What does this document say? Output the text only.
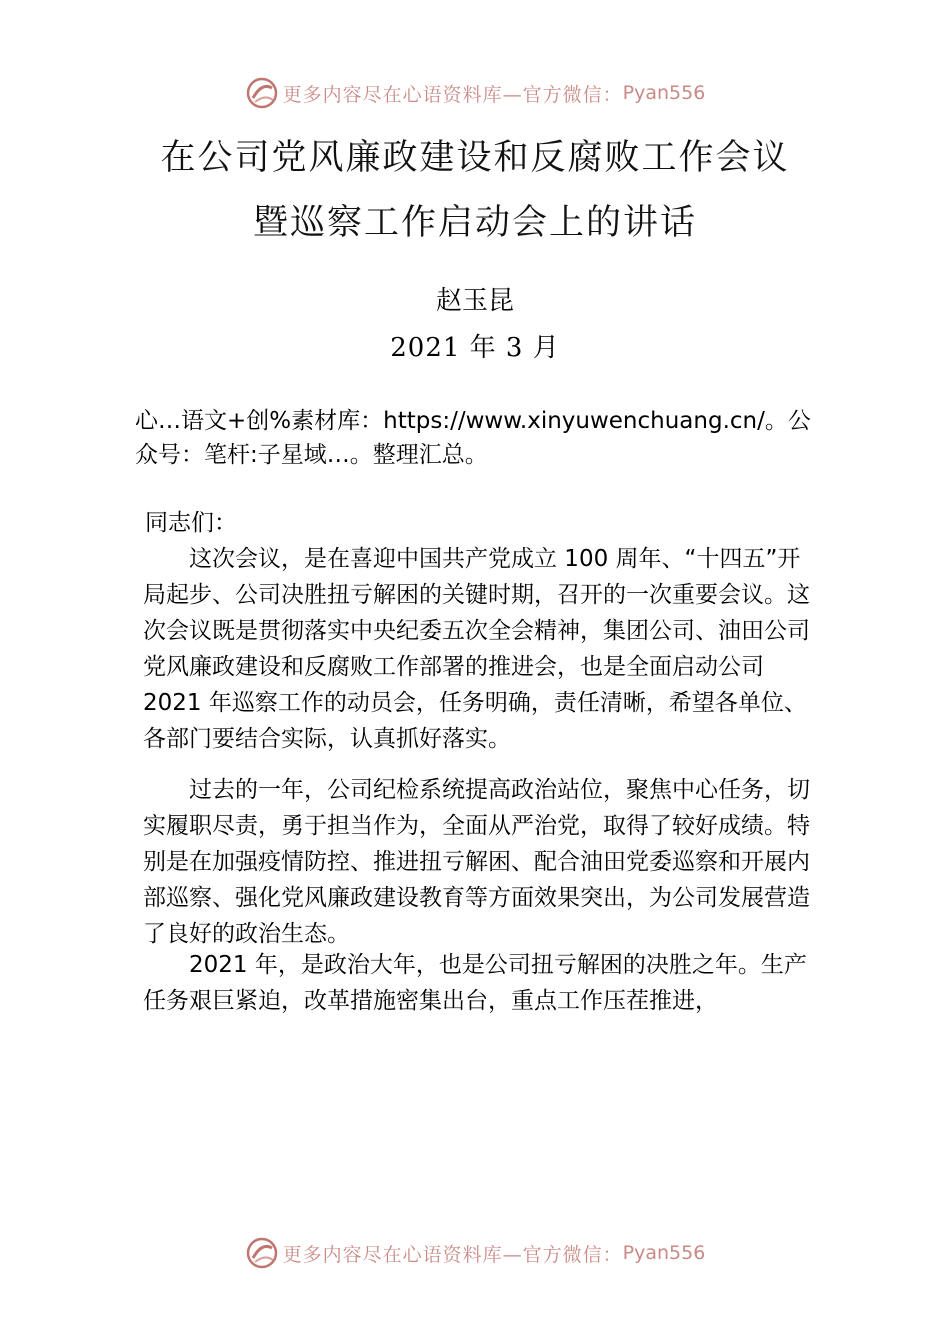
更多内容尽在心语资料库—官方微信： Pyan556
在公司党风廉政建设和反腐败工作会议
暨巡察工作启动会上的讲话
赵玉昆
2021 年 3 月
心…语文+创%素材库：https://www.xinyuwenchuang.cn/。公众号：笔杆:子星域…。整理汇总。
同志们：
这次会议，是在喜迎中国共产党成立 100 周年、“十四五”开局起步、公司决胜扭亏解困的关键时期，召开的一次重要会议。这次会议既是贯彻落实中央纪委五次全会精神，集团公司、油田公司党风廉政建设和反腐败工作部署的推进会，也是全面启动公司 2021 年巡察工作的动员会，任务明确，责任清晰，希望各单位、各部门要结合实际，认真抓好落实。
过去的一年，公司纪检系统提高政治站位，聚焦中心任务，切实履职尽责，勇于担当作为，全面从严治党，取得了较好成绩。特别是在加强疫情防控、推进扭亏解困、配合油田党委巡察和开展内部巡察、强化党风廉政建设教育等方面效果突出，为公司发展营造了良好的政治生态。
2021 年，是政治大年，也是公司扭亏解困的决胜之年。生产任务艰巨紧迫，改革措施密集出台，重点工作压茬推进，
更多内容尽在心语资料库—官方微信： Pyan556
